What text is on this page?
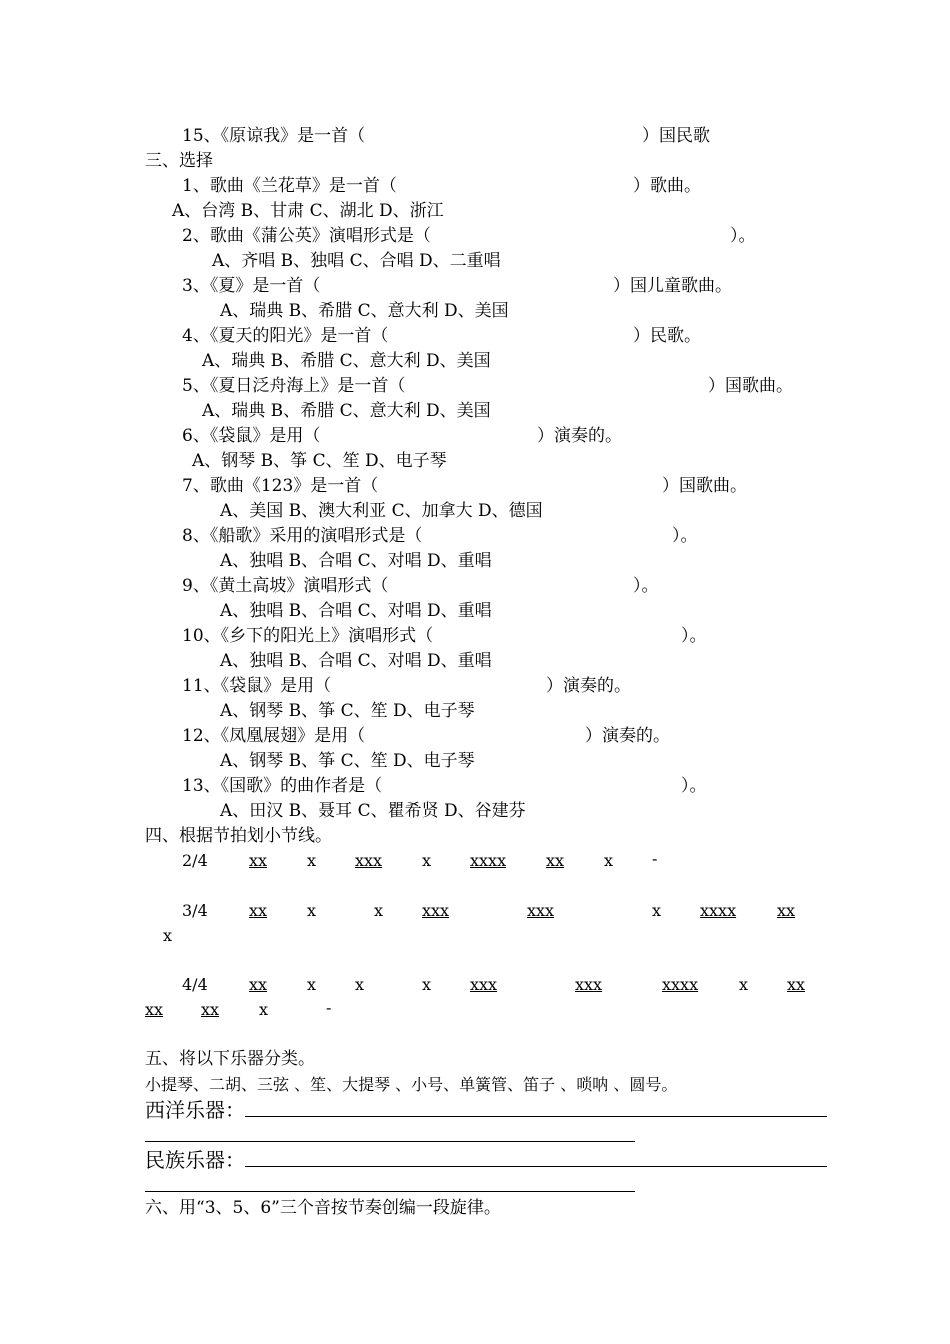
15、《原谅我》是一首（	）国民歌
三、选择
1、歌曲《兰花草》是一首（	）歌曲。
A、台湾 B、甘肃 C、湖北 D、浙江
2、歌曲《蒲公英》演唱形式是（	）。
A、齐唱 B、独唱 C、合唱 D、二重唱
3、《夏》是一首（	）国儿童歌曲。
A、瑞典 B、希腊 C、意大利 D、美国
4、《夏天的阳光》是一首（	）民歌。
A、瑞典 B、希腊 C、意大利 D、美国
5、《夏日泛舟海上》是一首（	）国歌曲。
A、瑞典 B、希腊 C、意大利 D、美国
6、《袋鼠》是用（	）演奏的。
A、钢琴 B、筝 C、笙 D、电子琴
7、歌曲《123》是一首（	）国歌曲。
A、美国 B、澳大利亚 C、加拿大 D、德国
8、《船歌》采用的演唱形式是（	）。
A、独唱 B、合唱 C、对唱 D、重唱
9、《黄土高坡》演唱形式（	）。
A、独唱 B、合唱 C、对唱 D、重唱
10、《乡下的阳光上》演唱形式（	）。
A、独唱 B、合唱 C、对唱 D、重唱
11、《袋鼠》是用（	）演奏的。
A、钢琴 B、筝 C、笙 D、电子琴
12、《凤凰展翅》是用（	）演奏的。
A、钢琴 B、筝 C、笙 D、电子琴
13、《国歌》的曲作者是（	）。
A、田汉 B、聂耳 C、瞿希贤 D、谷建芬
四、根据节拍划小节线。
2/4	xx x xxx x xxxx xx	x -
3/4	xx x	x xxx	xxx	x xxxx	xx
x
4/4	xx x x	x xxx	xxx	xxxx	x xx
xx xx	x	-
五、将以下乐器分类。
小提琴、二胡、三弦 、笙、大提琴 、小号、单簧管、笛子 、唢呐 、圆号。
西洋乐器：
民族乐器：
六、用“3、5、6”三个音按节奏创编一段旋律。
